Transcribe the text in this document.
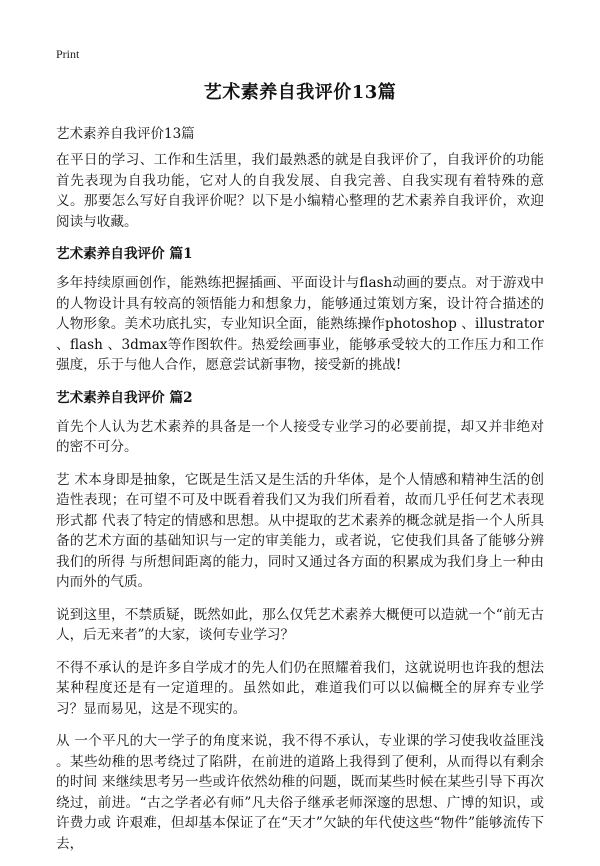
Print
艺术素养自我评价13篇

艺术素养自我评价13篇

在平日的学习、工作和生活里，我们最熟悉的就是自我评价了，自我评价的功能首先表现为自我功能，它对人的自我发展、自我完善、自我实现有着特殊的意义。那要怎么写好自我评价呢？以下是小编精心整理的艺术素养自我评价，欢迎阅读与收藏。

艺术素养自我评价 篇1

多年持续原画创作，能熟练把握插画、平面设计与flash动画的要点。对于游戏中的人物设计具有较高的领悟能力和想象力，能够通过策划方案，设计符合描述的人物形象。美术功底扎实，专业知识全面，能熟练操作photoshop 、illustrator 、flash 、3dmax等作图软件。热爱绘画事业，能够承受较大的工作压力和工作强度，乐于与他人合作，愿意尝试新事物，接受新的挑战!

艺术素养自我评价 篇2

首先个人认为艺术素养的具备是一个人接受专业学习的必要前提，却又并非绝对的密不可分。

艺 术本身即是抽象，它既是生活又是生活的升华体，是个人情感和精神生活的创造性表现；在可望不可及中既看着我们又为我们所看着，故而几乎任何艺术表现形式都 代表了特定的情感和思想。从中提取的艺术素养的概念就是指一个人所具备的艺术方面的基础知识与一定的审美能力，或者说，它使我们具备了能够分辨我们的所得 与所想间距离的能力，同时又通过各方面的积累成为我们身上一种由内而外的气质。

说到这里，不禁质疑，既然如此，那么仅凭艺术素养大概便可以造就一个“前无古人，后无来者”的大家，谈何专业学习？

不得不承认的是许多自学成才的先人们仍在照耀着我们，这就说明也许我的想法某种程度还是有一定道理的。虽然如此，难道我们可以以偏概全的屏弃专业学习？显而易见，这是不现实的。

从 一个平凡的大一学子的角度来说，我不得不承认，专业课的学习使我收益匪浅 。某些幼稚的思考绕过了陷阱，在前进的道路上我得到了便利，从而得以有剩余的时间 来继续思考另一些或许依然幼稚的问题，既而某些时候在某些引导下再次绕过，前进。“古之学者必有师”凡夫俗子继承老师深邃的思想、广博的知识，或许费力或 许艰难，但却基本保证了在“天才”欠缺的年代使这些“物件”能够流传下去，
